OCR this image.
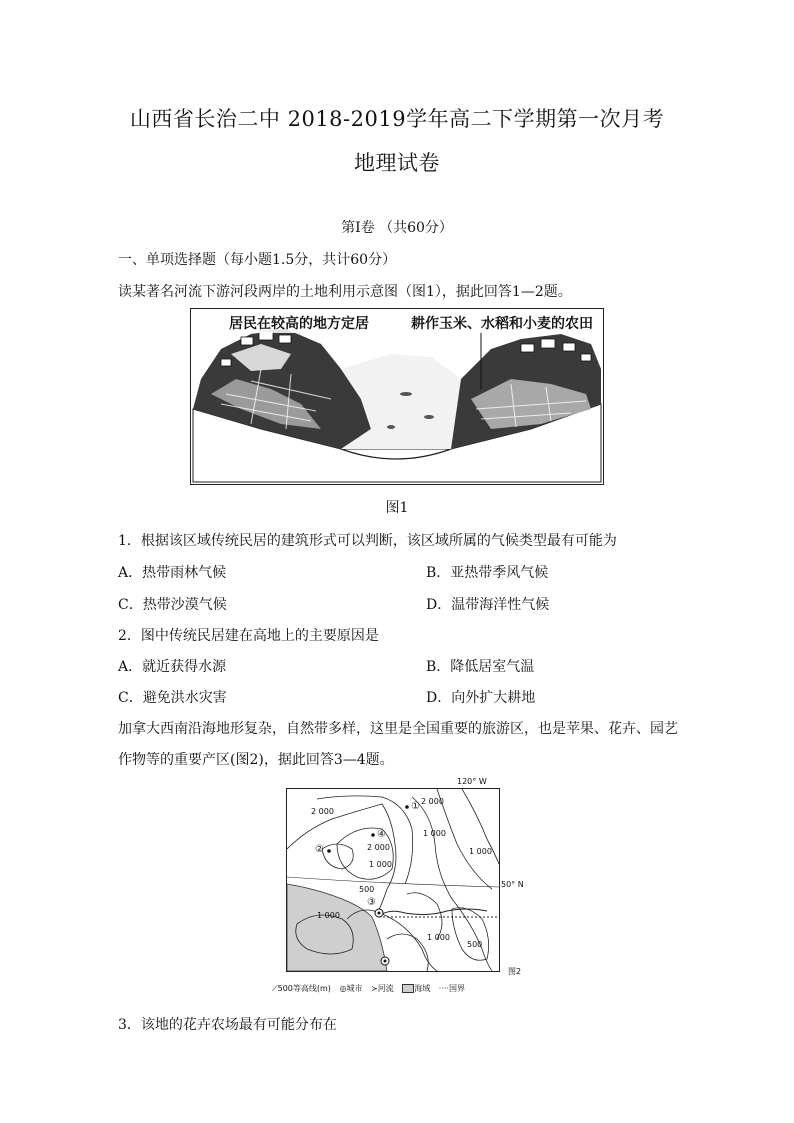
山西省长治二中 2018-2019学年高二下学期第一次月考
地理试卷
第Ⅰ卷 （共60分）
一、单项选择题（每小题1.5分，共计60分）
读某著名河流下游河段两岸的土地利用示意图（图1），据此回答1—2题。
居民在较高的地方定居	耕作玉米、水稻和小麦的农田
图1
1．根据该区域传统民居的建筑形式可以判断，该区域所属的气候类型最有可能为
A．热带雨林气候	B．亚热带季风气候
C．热带沙漠气候	D．温带海洋性气候
2．图中传统民居建在高地上的主要原因是
A．就近获得水源	B．降低居室气温
C．避免洪水灾害	D．向外扩大耕地
加拿大西南沿海地形复杂，自然带多样，这里是全国重要的旅游区，也是苹果、花卉、园艺
作物等的重要产区(图2)，据此回答3—4题。
120° W
2 000
2 000
1 000
2 000
1 000
1 000
500
1 000
1 000
500
①
②
③
④
50° N
图2
⟋500等高线(m) ◎城市 ≻河流	海域 ····国界
3．该地的花卉农场最有可能分布在
